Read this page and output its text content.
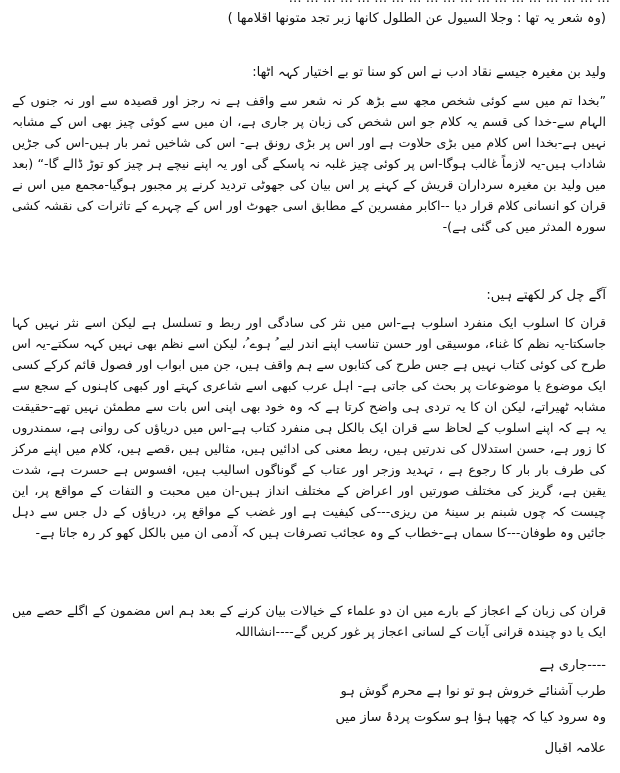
(وہ شعر یہ تھا : وجلا السیول عن الطلول کانھا زبر تجد متونھا اقلامھا )

ولید بن مغیرہ جیسے نقاد ادب نے اس کو سنا تو بے اختیار کہہ اٹھا:

”بخدا تم میں سے کوئی شخص مجھ سے بڑھ کر نہ شعر سے واقف ہے نہ رجز اور قصیدہ سے اور نہ جنوں کے الہام سے-خدا کی قسم یہ کلام جو اس شخص کی زبان پر جاری ہے، ان میں سے کوئی چیز بھی اس کے مشابہ نہیں ہے-بخدا اس کلام میں بڑی حلاوت ہے اور اس پر بڑی رونق ہے- اس کی شاخیں ثمر بار ہیں-اس کی جڑیں شاداب ہیں-یہ لازماً غالب ہوگا-اس پر کوئی چیز غلبہ نہ پاسکے گی اور یہ اپنے نیچے ہر چیز کو توڑ ڈالے گا-“ (بعد میں ولید بن مغیرہ سرداران قریش کے کہنے پر اس بیان کی جھوٹی تردید کرنے پر مجبور ہوگیا-مجمع میں اس نے قران کو انسانی کلام قرار دیا --اکابر مفسرین کے مطابق اسی جھوٹ اور اس کے چہرے کے تاثرات کی نقشہ کشی سورہ المدثر میں کی گئی ہے)-

آگے چل کر لکھتے ہیں:

قران کا اسلوب ایک منفرد اسلوب ہے-اس میں نثر کی سادگی اور ربط و تسلسل ہے لیکن اسے نثر نہیں کہا جاسکتا-یہ نظم کا غناء، موسیقی اور حسن تناسب اپنے اندر لیے ُ ہوے ُ، لیکن اسے نظم بھی نہیں کہہ سکتے-یہ اس طرح کی کوئی کتاب نہیں ہے جس طرح کی کتابوں سے ہم واقف ہیں، جن میں ابواب اور فصول قائم کرکے کسی ایک موضوع یا موضوعات پر بحث کی جاتی ہے- اہل عرب کبھی اسے شاعری کہتے اور کبھی کاہنوں کے سجع سے مشابہ ٹھیراتے، لیکن ان کا یہ تردی ہی واضح کرتا ہے کہ وہ خود بھی اپنی اس بات سے مطمئن نہیں تھے-حقیقت یہ ہے کہ اپنے اسلوب کے لحاظ سے قران ایک بالکل ہی منفرد کتاب ہے-اس میں دریاؤں کی روانی ہے، سمندروں کا زور ہے، حسن استدلال کی ندرتیں ہیں، ربط معنی کی ادائیں ہیں، مثالیں ہیں ،قصے ہیں، کلام میں اپنے مرکز کی طرف بار بار کا رجوع ہے ، تہدید وزجر اور عتاب کے گوناگوں اسالیب ہیں، افسوس ہے حسرت ہے، شدت یقین ہے، گریز کی مختلف صورتیں اور اعراض کے مختلف انداز ہیں-ان میں محبت و التفات کے مواقع پر، این چیست کہ چوں شبنم بر سینۂ من ریزی---کی کیفیت ہے اور غضب کے مواقع پر، دریاؤں کے دل جس سے دہل جائیں وہ طوفان---کا سماں ہے-خطاب کے وہ عجائب تصرفات ہیں کہ آدمی ان میں بالکل کھو کر رہ جاتا ہے-

قران کی زبان کے اعجاز کے بارے میں ان دو علماء کے خیالات بیان کرنے کے بعد ہم اس مضمون کے اگلے حصے میں ایک یا دو چیندہ قرانی آیات کے لسانی اعجاز پر غور کریں گے----انشااللہ

----جاری ہے

طرب آشنائے خروش ہو تو نوا ہے محرم گوش ہو

وہ سرود کیا کہ چھپا ہؤا ہو سکوت پردۂ ساز میں

علامہ اقبال
